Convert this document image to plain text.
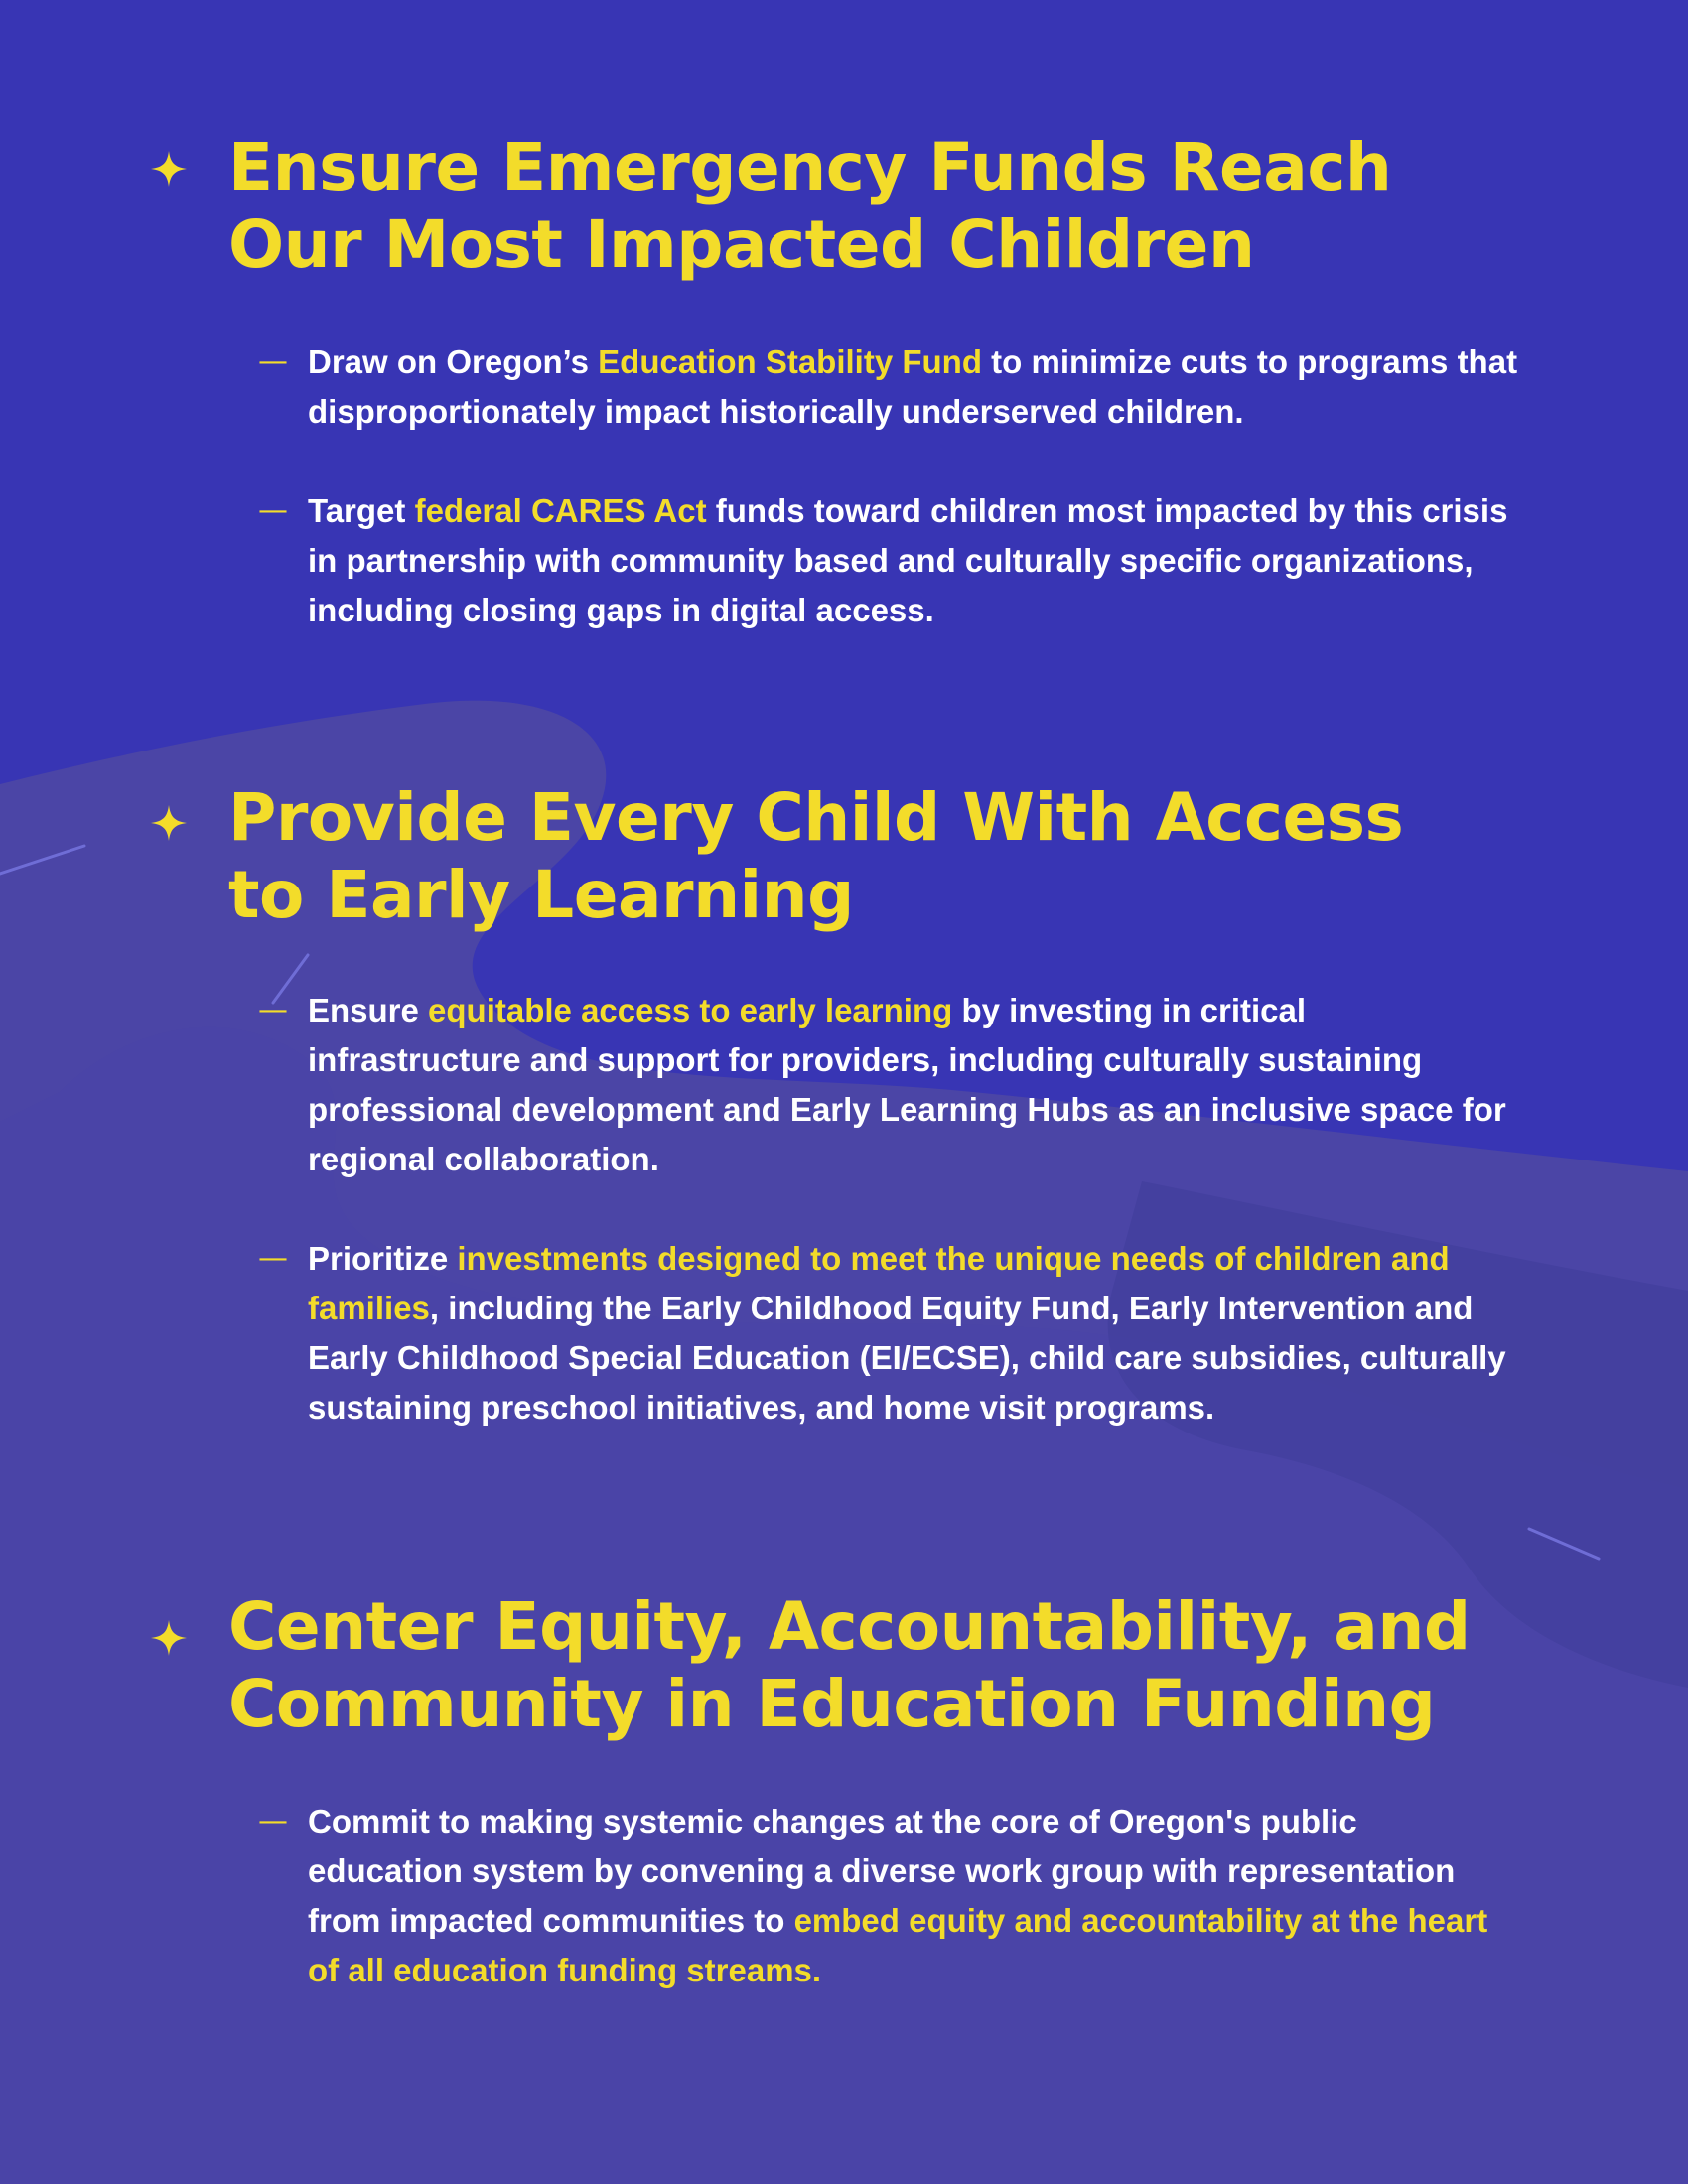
Ensure Emergency Funds Reach
Our Most Impacted Children
— Draw on Oregon’s Education Stability Fund to minimize cuts to programs that disproportionately impact historically underserved children.

— Target federal CARES Act funds toward children most impacted by this crisis in partnership with community based and culturally specific organizations, including closing gaps in digital access.

Provide Every Child With Access
to Early Learning
— Ensure equitable access to early learning by investing in critical infrastructure and support for providers, including culturally sustaining professional development and Early Learning Hubs as an inclusive space for regional collaboration.

— Prioritize investments designed to meet the unique needs of children and families, including the Early Childhood Equity Fund, Early Intervention and Early Childhood Special Education (EI/ECSE), child care subsidies, culturally sustaining preschool initiatives, and home visit programs.

Center Equity, Accountability, and
Community in Education Funding
— Commit to making systemic changes at the core of Oregon's public education system by convening a diverse work group with representation from impacted communities to embed equity and accountability at the heart of all education funding streams.
